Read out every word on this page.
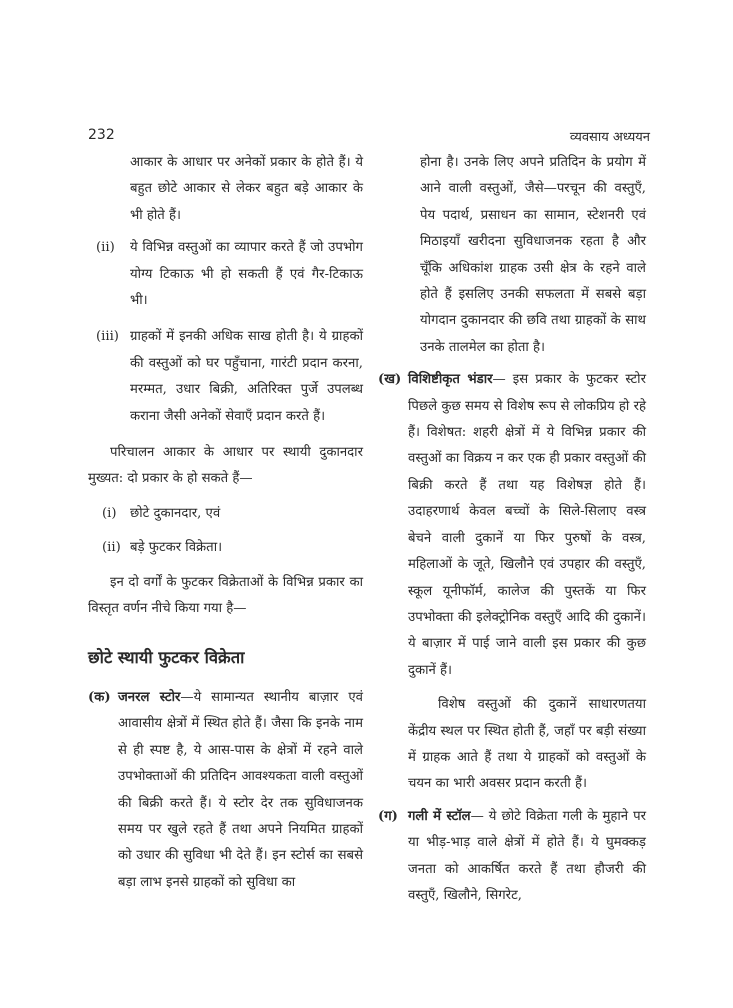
232	व्यवसाय अध्ययन

आकार के आधार पर अनेकों प्रकार के होते हैं। ये बहुत छोटे आकार से लेकर बहुत बड़े आकार के भी होते हैं।

(ii) ये विभिन्न वस्तुओं का व्यापार करते हैं जो उपभोग योग्य टिकाऊ भी हो सकती हैं एवं गैर-टिकाऊ भी।
(iii) ग्राहकों में इनकी अधिक साख होती है। ये ग्राहकों की वस्तुओं को घर पहुँचाना, गारंटी प्रदान करना, मरम्मत, उधार बिक्री, अतिरिक्त पुर्जे उपलब्ध कराना जैसी अनेकों सेवाएँ प्रदान करते हैं।

परिचालन आकार के आधार पर स्थायी दुकानदार मुख्यत: दो प्रकार के हो सकते हैं—

(i) छोटे दुकानदार, एवं
(ii) बड़े फुटकर विक्रेता।

इन दो वर्गों के फुटकर विक्रेताओं के विभिन्न प्रकार का विस्तृत वर्णन नीचे किया गया है—

छोटे स्थायी फुटकर विक्रेता
(क) जनरल स्टोर—ये सामान्यत स्थानीय बाज़ार एवं आवासीय क्षेत्रों में स्थित होते हैं। जैसा कि इनके नाम से ही स्पष्ट है, ये आस-पास के क्षेत्रों में रहने वाले उपभोक्ताओं की प्रतिदिन आवश्यकता वाली वस्तुओं की बिक्री करते हैं। ये स्टोर देर तक सुविधाजनक समय पर खुले रहते हैं तथा अपने नियमित ग्राहकों को उधार की सुविधा भी देते हैं। इन स्टोर्स का सबसे बड़ा लाभ इनसे ग्राहकों को सुविधा का

होना है। उनके लिए अपने प्रतिदिन के प्रयोग में आने वाली वस्तुओं, जैसे—परचून की वस्तुएँ, पेय पदार्थ, प्रसाधन का सामान, स्टेशनरी एवं मिठाइयाँ खरीदना सुविधाजनक रहता है और चूँकि अधिकांश ग्राहक उसी क्षेत्र के रहने वाले होते हैं इसलिए उनकी सफलता में सबसे बड़ा योगदान दुकानदार की छवि तथा ग्राहकों के साथ उनके तालमेल का होता है।

(ख) विशिष्टीकृत भंडार— इस प्रकार के फुटकर स्टोर पिछले कुछ समय से विशेष रूप से लोकप्रिय हो रहे हैं। विशेषत: शहरी क्षेत्रों में ये विभिन्न प्रकार की वस्तुओं का विक्रय न कर एक ही प्रकार वस्तुओं की बिक्री करते हैं तथा यह विशेषज्ञ होते हैं। उदाहरणार्थ केवल बच्चों के सिले-सिलाए वस्त्र बेचने वाली दुकानें या फिर पुरुषों के वस्त्र, महिलाओं के जूते, खिलौने एवं उपहार की वस्तुएँ, स्कूल यूनीफॉर्म, कालेज की पुस्तकें या फिर उपभोक्ता की इलेक्ट्रोनिक वस्तुएँ आदि की दुकानें। ये बाज़ार में पाई जाने वाली इस प्रकार की कुछ दुकानें हैं।

विशेष वस्तुओं की दुकानें साधारणतया केंद्रीय स्थल पर स्थित होती हैं, जहाँ पर बड़ी संख्या में ग्राहक आते हैं तथा ये ग्राहकों को वस्तुओं के चयन का भारी अवसर प्रदान करती हैं।

(ग) गली में स्टॉल— ये छोटे विक्रेता गली के मुहाने पर या भीड़-भाड़ वाले क्षेत्रों में होते हैं। ये घुमक्कड़ जनता को आकर्षित करते हैं तथा हौजरी की वस्तुएँ, खिलौने, सिगरेट,
